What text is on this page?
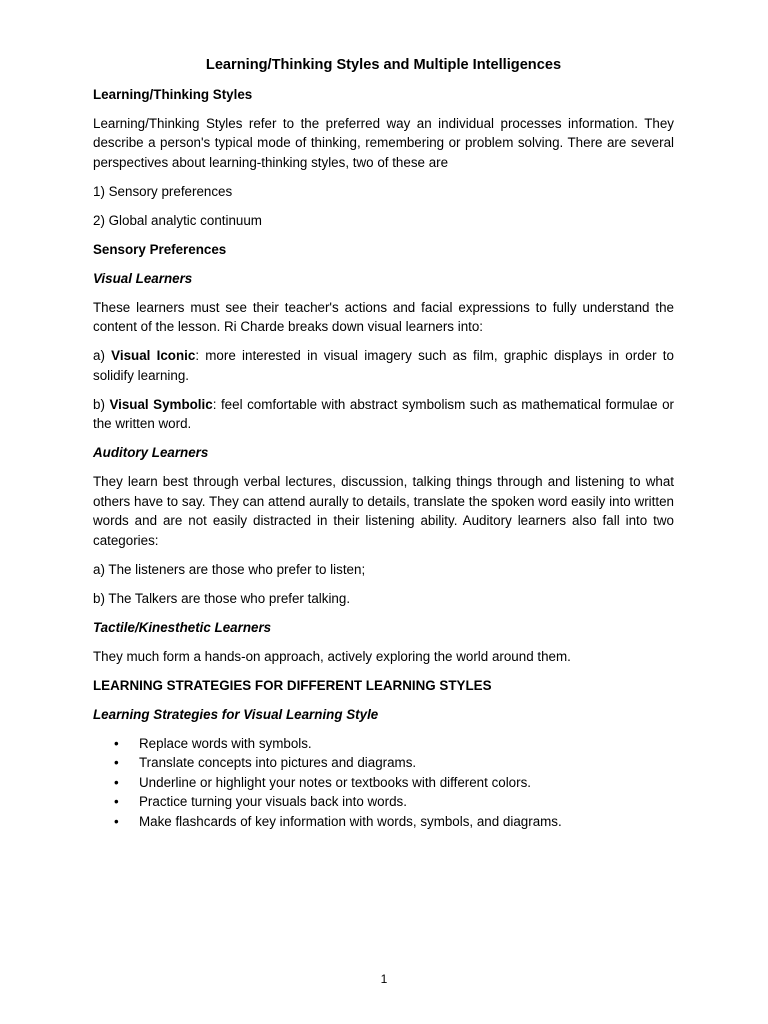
Learning/Thinking Styles and Multiple Intelligences
Learning/Thinking Styles

Learning/Thinking Styles refer to the preferred way an individual processes information. They describe a person's typical mode of thinking, remembering or problem solving. There are several perspectives about learning-thinking styles, two of these are

1) Sensory preferences

2) Global analytic continuum

Sensory Preferences
Visual Learners

These learners must see their teacher's actions and facial expressions to fully understand the content of the lesson. Ri Charde breaks down visual learners into:

a) Visual Iconic: more interested in visual imagery such as film, graphic displays in order to solidify learning.

b) Visual Symbolic: feel comfortable with abstract symbolism such as mathematical formulae or the written word.

Auditory Learners

They learn best through verbal lectures, discussion, talking things through and listening to what others have to say. They can attend aurally to details, translate the spoken word easily into written words and are not easily distracted in their listening ability. Auditory learners also fall into two categories:

a) The listeners are those who prefer to listen;

b) The Talkers are those who prefer talking.

Tactile/Kinesthetic Learners

They much form a hands-on approach, actively exploring the world around them.

LEARNING STRATEGIES FOR DIFFERENT LEARNING STYLES
Learning Strategies for Visual Learning Style
• Replace words with symbols.
• Translate concepts into pictures and diagrams.
• Underline or highlight your notes or textbooks with different colors.
• Practice turning your visuals back into words.
• Make flashcards of key information with words, symbols, and diagrams.
1
